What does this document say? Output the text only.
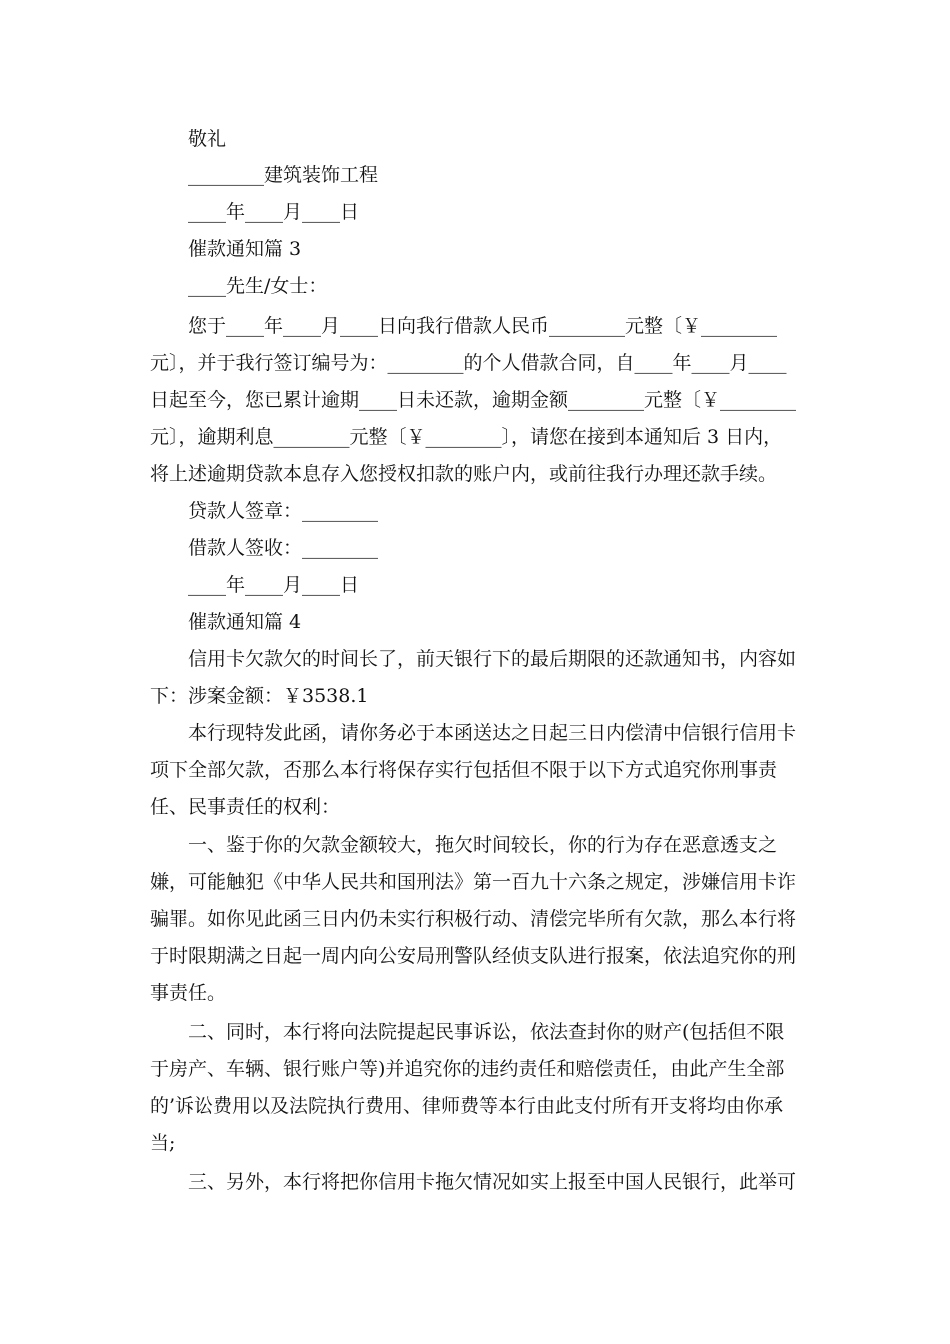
敬礼
________建筑装饰工程
____年____月____日
催款通知篇 3
____先生/女士：
您于____年____月____日向我行借款人民币________元整〔￥________
元〕，并于我行签订编号为：________的个人借款合同，自____年____月____
日起至今，您已累计逾期____日未还款，逾期金额________元整〔￥________
元〕，逾期利息________元整〔￥________〕，请您在接到本通知后 3 日内，
将上述逾期贷款本息存入您授权扣款的账户内，或前往我行办理还款手续。
贷款人签章：________
借款人签收：________
____年____月____日
催款通知篇 4
信用卡欠款欠的时间长了，前天银行下的最后期限的还款通知书，内容如
下：涉案金额：￥3538.1
本行现特发此函，请你务必于本函送达之日起三日内偿清中信银行信用卡
项下全部欠款，否那么本行将保存实行包括但不限于以下方式追究你刑事责
任、民事责任的权利：
一、鉴于你的欠款金额较大，拖欠时间较长，你的行为存在恶意透支之
嫌，可能触犯《中华人民共和国刑法》第一百九十六条之规定，涉嫌信用卡诈
骗罪。如你见此函三日内仍未实行积极行动、清偿完毕所有欠款，那么本行将
于时限期满之日起一周内向公安局刑警队经侦支队进行报案，依法追究你的刑
事责任。
二、同时，本行将向法院提起民事诉讼，依法查封你的财产(包括但不限
于房产、车辆、银行账户等)并追究你的违约责任和赔偿责任，由此产生全部
的’诉讼费用以及法院执行费用、律师费等本行由此支付所有开支将均由你承
当;
三、另外，本行将把你信用卡拖欠情况如实上报至中国人民银行，此举可
